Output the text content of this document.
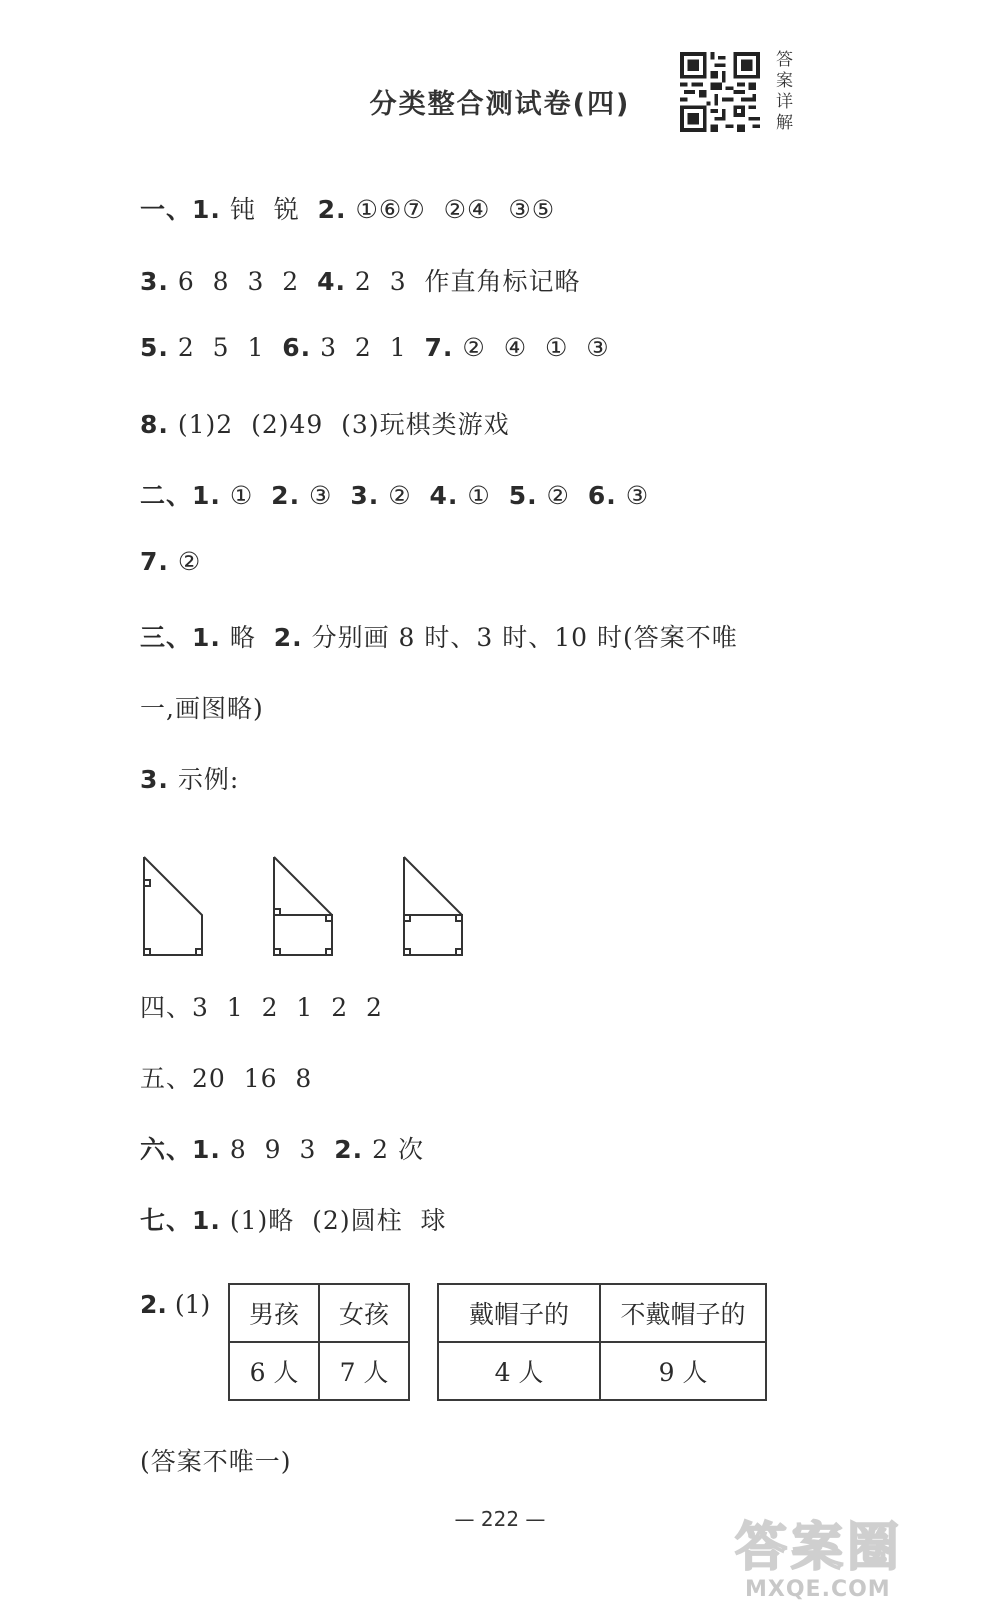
分类整合测试卷(四)
答案详解
一、1. 钝  锐  2. ①⑥⑦  ②④  ③⑤
3. 6  8  3  2  4. 2  3  作直角标记略
5. 2  5  1  6. 3  2  1  7. ②  ④  ①  ③
8. (1)2  (2)49  (3)玩棋类游戏
二、1. ①  2. ③  3. ②  4. ①  5. ②  6. ③
7. ②
三、1. 略  2. 分别画 8 时、3 时、10 时(答案不唯
一,画图略)
3. 示例:
四、3  1  2  1  2  2
五、20  16  8
六、1. 8  9  3  2. 2 次
七、1. (1)略  (2)圆柱  球
2. (1) 男孩	女孩
6 人	7 人
戴帽子的	不戴帽子的
4 人	9 人
(答案不唯一)
— 222 —	答案圈
MXQE.COM
